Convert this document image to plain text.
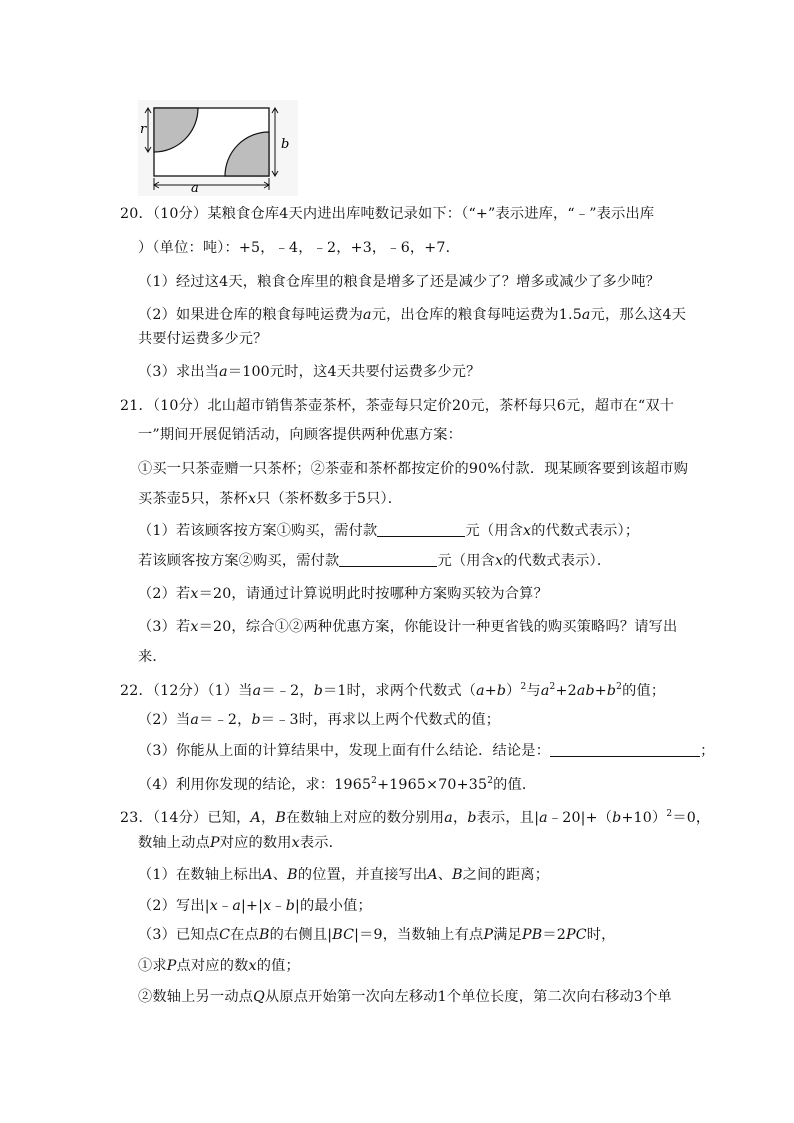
r
b
a
20．（10分）某粮食仓库4天内进出库吨数记录如下：（“+”表示进库，“﹣”表示出库
）（单位：吨）：+5，﹣4，﹣2，+3，﹣6，+7．
（1）经过这4天，粮食仓库里的粮食是增多了还是减少了？增多或减少了多少吨？
（2）如果进仓库的粮食每吨运费为a元，出仓库的粮食每吨运费为1.5a元，那么这4天
共要付运费多少元？
（3）求出当a＝100元时，这4天共要付运费多少元？
21．（10分）北山超市销售茶壶茶杯，茶壶每只定价20元，茶杯每只6元，超市在“双十
一”期间开展促销活动，向顾客提供两种优惠方案：
①买一只茶壶赠一只茶杯；②茶壶和茶杯都按定价的90%付款．现某顾客要到该超市购
买茶壶5只，茶杯x只（茶杯数多于5只）．
（1）若该顾客按方案①购买，需付款	元（用含x的代数式表示）；
若该顾客按方案②购买，需付款	元（用含x的代数式表示）．
（2）若x＝20，请通过计算说明此时按哪种方案购买较为合算？
（3）若x＝20，综合①②两种优惠方案，你能设计一种更省钱的购买策略吗？请写出
来．
22．（12分）（1）当a＝﹣2，b＝1时，求两个代数式$(a+b)^2$与$a^2+2ab+b^2$的值；
（2）当a＝﹣2，b＝﹣3时，再求以上两个代数式的值；
（3）你能从上面的计算结果中，发现上面有什么结论．结论是：	；
（4）利用你发现的结论，求：$1965^2+1965\times 70+35^2$的值．
23．（14分）已知，A，B在数轴上对应的数分别用a，b表示，且$|a﹣20|+(b+10)^2=0$，
数轴上动点P对应的数用x表示．
（1）在数轴上标出A、B的位置，并直接写出A、B之间的距离；
（2）写出|x﹣a|+|x﹣b|的最小值；
（3）已知点C在点B的右侧且|BC|＝9，当数轴上有点P满足PB＝2PC时，
①求P点对应的数x的值；
②数轴上另一动点Q从原点开始第一次向左移动1个单位长度，第二次向右移动3个单
